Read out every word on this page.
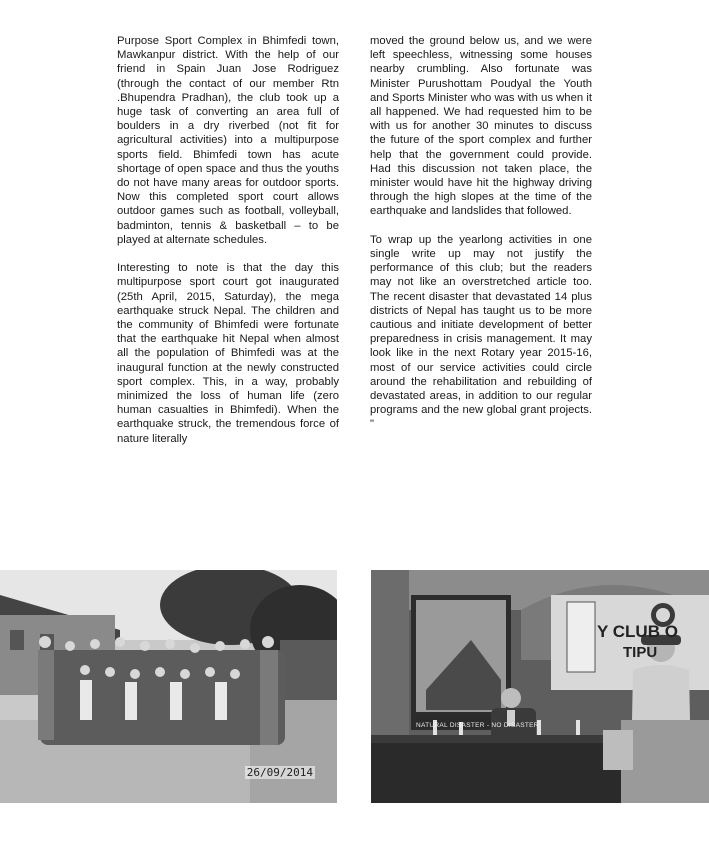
Purpose Sport Complex in Bhimfedi town, Mawkanpur district. With the help of our friend in Spain Juan Jose Rodriguez (through the contact of our member Rtn .Bhupendra Pradhan), the club took up a huge task of converting an area full of boulders in a dry riverbed (not fit for agricultural activities) into a multipurpose sports field. Bhimfedi town has acute shortage of open space and thus the youths do not have many areas for outdoor sports. Now this completed sport court allows outdoor games such as football, volleyball, badminton, tennis & basketball – to be played at alternate schedules.

Interesting to note is that the day this multipurpose sport court got inaugurated (25th April, 2015, Saturday), the mega earthquake struck Nepal. The children and the community of Bhimfedi were fortunate that the earthquake hit Nepal when almost all the population of Bhimfedi was at the inaugural function at the newly constructed sport complex. This, in a way, probably minimized the loss of human life (zero human casualties in Bhimfedi). When the earthquake struck, the tremendous force of nature literally

moved the ground below us, and we were left speechless, witnessing some houses nearby crumbling. Also fortunate was Minister Purushottam Poudyal the Youth and Sports Minister who was with us when it all happened. We had requested him to be with us for another 30 minutes to discuss the future of the sport complex and further help that the government could provide. Had this discussion not taken place, the minister would have hit the highway driving through the high slopes at the time of the earthquake and landslides that followed.

To wrap up the yearlong activities in one single write up may not justify the performance of this club; but the readers may not like an overstretched article too. The recent disaster that devastated 14 plus districts of Nepal has taught us to be more cautious and initiate development of better preparedness in crisis management. It may look like in the next Rotary year 2015-16, most of our service activities could circle around the rehabilitation and rebuilding of devastated areas, in addition to our regular programs and the new global grant projects. "

26/09/2014
NATURAL DISASTER - NO DISASTER
Y CLUB O
TIPU
